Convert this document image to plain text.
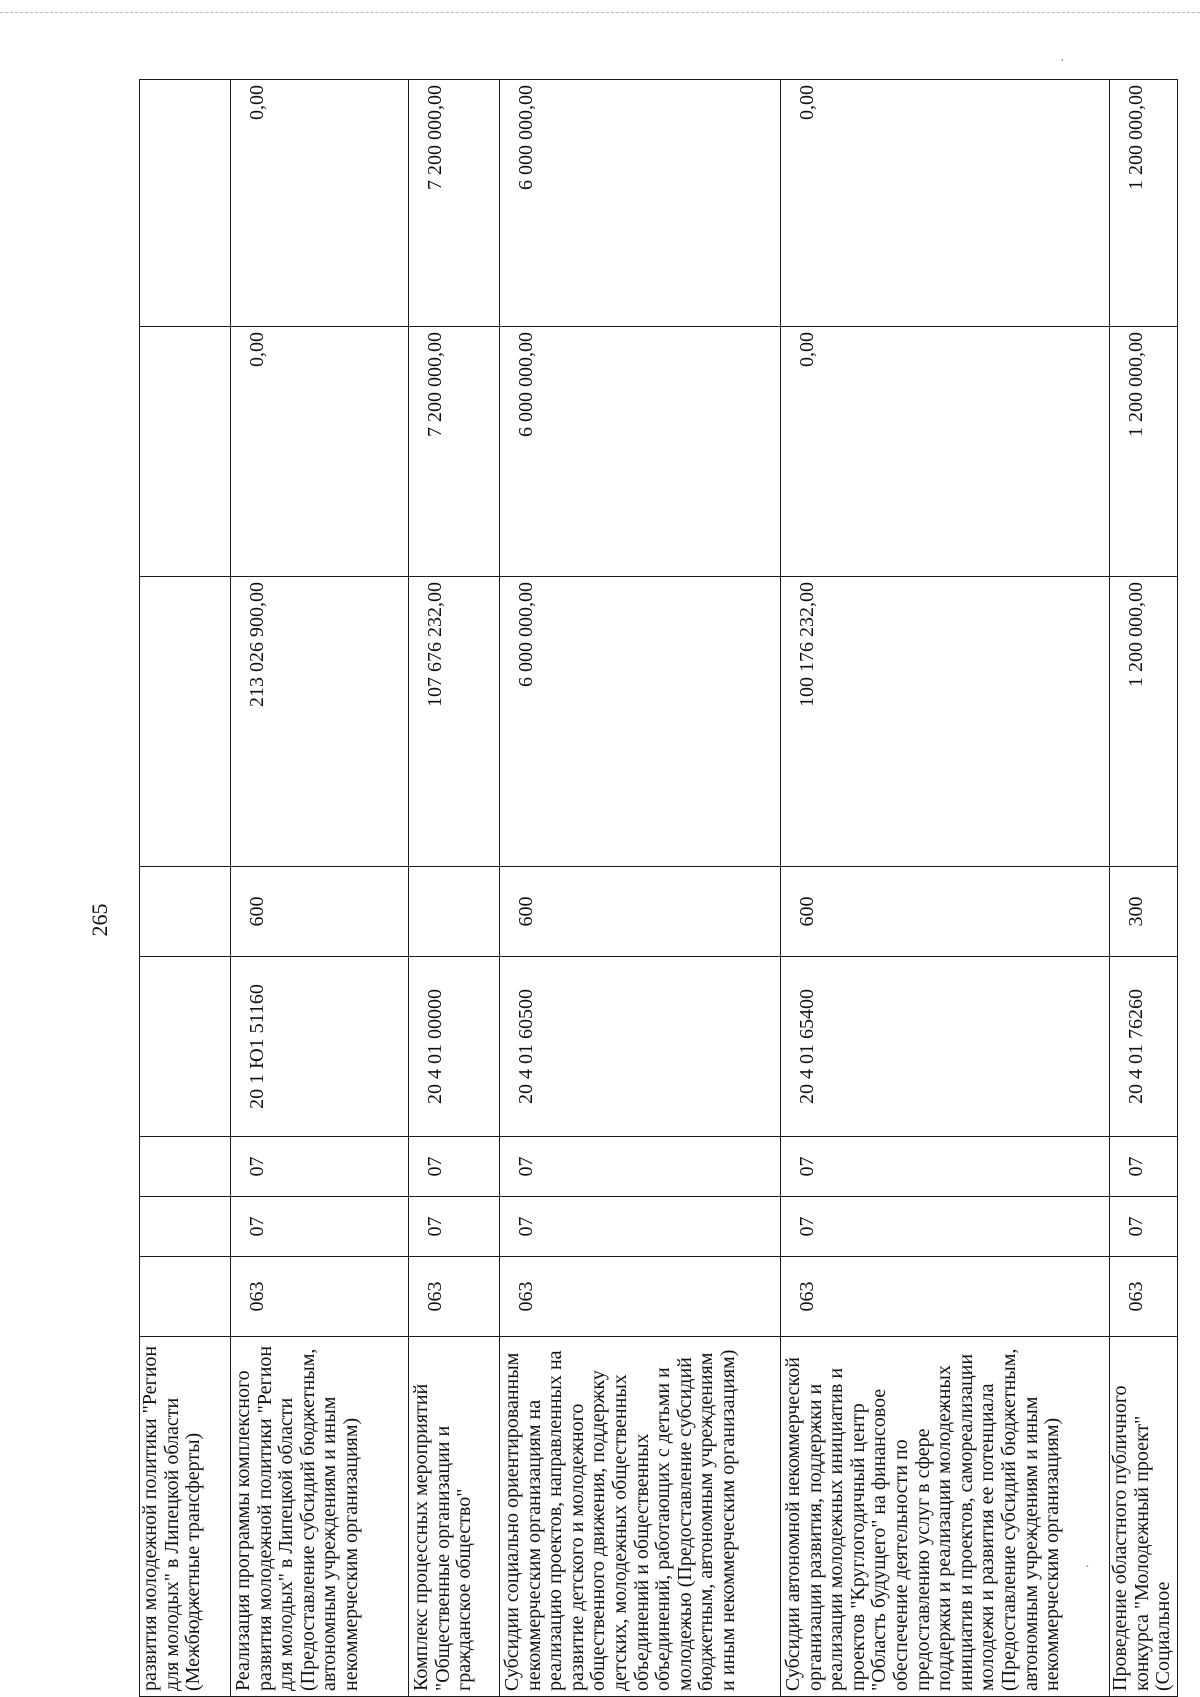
·
·
265
развития молодежной политики "Регион для молодых" в Липецкой области (Межбюджетные трансферты)								
Реализация программы комплексного развития молодежной политики "Регион для молодых" в Липецкой области (Предоставление субсидий бюджетным, автономным учреждениям и иным некоммерческим организациям)	063	07	07	20 1 Ю1 51160	600	213 026 900,00	0,00	0,00
Комплекс процессных мероприятий "Общественные организации и гражданское общество"	063	07	07	20 4 01 00000		107 676 232,00	7 200 000,00	7 200 000,00
Субсидии социально ориентированным некоммерческим организациям на реализацию проектов, направленных на развитие детского и молодежного общественного движения, поддержку детских, молодежных общественных объединений и общественных объединений, работающих с детьми и молодежью (Предоставление субсидий бюджетным, автономным учреждениям и иным некоммерческим организациям)	063	07	07	20 4 01 60500	600	6 000 000,00	6 000 000,00	6 000 000,00
Субсидии автономной некоммерческой организации развития, поддержки и реализации молодежных инициатив и проектов "Круглогодичный центр "Область будущего" на финансовое обеспечение деятельности по предоставлению услуг в сфере поддержки и реализации молодежных инициатив и проектов, самореализации молодежи и развития ее потенциала (Предоставление субсидий бюджетным, автономным учреждениям и иным некоммерческим организациям)	063	07	07	20 4 01 65400	600	100 176 232,00	0,00	0,00
Проведение областного публичного конкурса "Молодежный проект" (Социальное	063	07	07	20 4 01 76260	300	1 200 000,00	1 200 000,00	1 200 000,00
